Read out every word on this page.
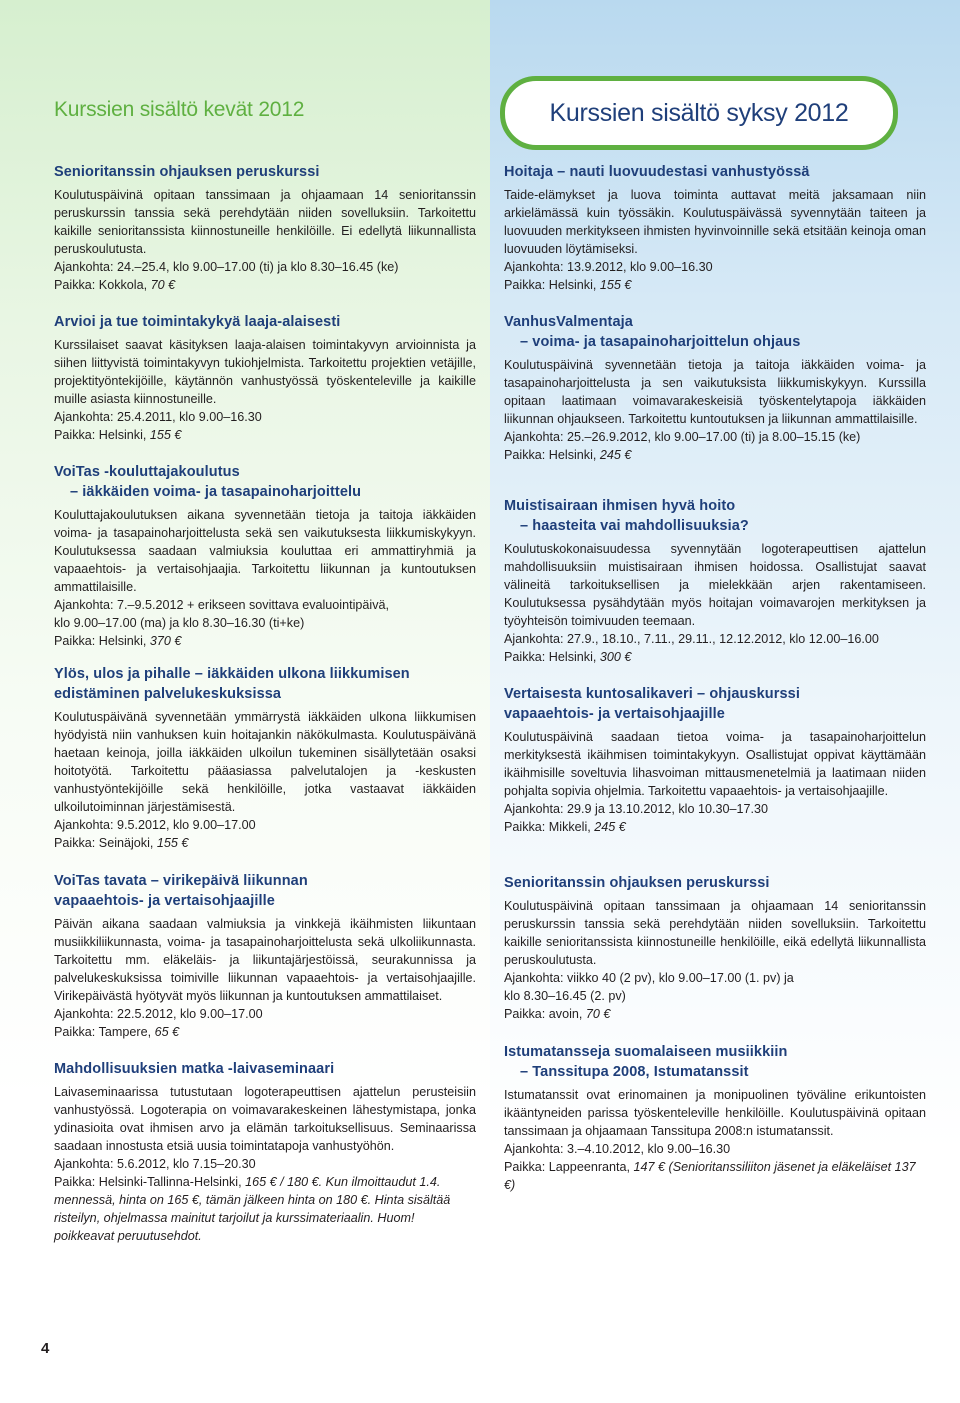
Kurssien sisältö kevät 2012	Kurssien sisältö syksy 2012
Senioritanssin ohjauksen peruskurssi

Koulutuspäivinä opitaan tanssimaan ja ohjaamaan 14 senioritanssin peruskurssin tanssia sekä perehdytään niiden sovelluksiin. Tarkoitettu kaikille senioritanssista kiinnostuneille henkilöille. Ei edellytä liikunnallista peruskoulutusta.

Ajankohta: 24.–25.4, klo 9.00–17.00 (ti) ja klo 8.30–16.45 (ke)

Paikka: Kokkola, 70 €

Arvioi ja tue toimintakykyä laaja-alaisesti

Kurssilaiset saavat käsityksen laaja-alaisen toimintakyvyn arvioinnista ja siihen liittyvistä toimintakyvyn tukiohjelmista. Tarkoitettu projektien vetäjille, projektityöntekijöille, käytännön vanhustyössä työskenteleville ja kaikille muille asiasta kiinnostuneille.

Ajankohta: 25.4.2011, klo 9.00–16.30

Paikka: Helsinki, 155 €

VoiTas -kouluttajakoulutus
– iäkkäiden voima- ja tasapainoharjoittelu

Kouluttajakoulutuksen aikana syvennetään tietoja ja taitoja iäkkäiden voima- ja tasapainoharjoittelusta sekä sen vaikutuksesta liikkumiskykyyn. Koulutuksessa saadaan valmiuksia kouluttaa eri ammattiryhmiä ja vapaaehtois- ja vertaisohjaajia. Tarkoitettu liikunnan ja kuntoutuksen ammattilaisille.

Ajankohta: 7.–9.5.2012 + erikseen sovittava evaluointipäivä,

klo 9.00–17.00 (ma) ja klo 8.30–16.30 (ti+ke)

Paikka: Helsinki, 370 €

Ylös, ulos ja pihalle – iäkkäiden ulkona liikkumisen
edistäminen palvelukeskuksissa

Koulutuspäivänä syvennetään ymmärrystä iäkkäiden ulkona liikkumisen hyödyistä niin vanhuksen kuin hoitajankin näkökulmasta. Koulutuspäivänä haetaan keinoja, joilla iäkkäiden ulkoilun tukeminen sisällytetään osaksi hoitotyötä. Tarkoitettu pääasiassa palvelutalojen ja -keskusten vanhustyöntekijöille sekä henkilöille, jotka vastaavat iäkkäiden ulkoilutoiminnan järjestämisestä.

Ajankohta: 9.5.2012, klo 9.00–17.00

Paikka: Seinäjoki, 155 €

VoiTas tavata – virikepäivä liikunnan
vapaaehtois- ja vertaisohjaajille

Päivän aikana saadaan valmiuksia ja vinkkejä ikäihmisten liikuntaan musiikkiliikunnasta, voima- ja tasapainoharjoittelusta sekä ulkoliikunnasta. Tarkoitettu mm. eläkeläis- ja liikuntajärjestöissä, seurakunnissa ja palvelukeskuksissa toimiville liikunnan vapaaehtois- ja vertaisohjaajille. Virikepäivästä hyötyvät myös liikunnan ja kuntoutuksen ammattilaiset.

Ajankohta: 22.5.2012, klo 9.00–17.00

Paikka: Tampere, 65 €

Mahdollisuuksien matka -laivaseminaari

Laivaseminaarissa tutustutaan logoterapeuttisen ajattelun perusteisiin vanhustyössä. Logoterapia on voimavarakeskeinen lähestymistapa, jonka ydinasioita ovat ihmisen arvo ja elämän tarkoituksellisuus. Seminaarissa saadaan innostusta etsiä uusia toimintatapoja vanhustyöhön.

Ajankohta: 5.6.2012, klo 7.15–20.30

Paikka: Helsinki-Tallinna-Helsinki, 165 € / 180 €. Kun ilmoittaudut 1.4. mennessä, hinta on 165 €, tämän jälkeen hinta on 180 €. Hinta sisältää risteilyn, ohjelmassa mainitut tarjoilut ja kurssimateriaalin. Huom! poikkeavat peruutusehdot.

Hoitaja – nauti luovuudestasi vanhustyössä

Taide-elämykset ja luova toiminta auttavat meitä jaksamaan niin arkielämässä kuin työssäkin. Koulutuspäivässä syvennytään taiteen ja luovuuden merkitykseen ihmisten hyvinvoinnille sekä etsitään keinoja oman luovuuden löytämiseksi.

Ajankohta: 13.9.2012, klo 9.00–16.30

Paikka: Helsinki, 155 €

VanhusValmentaja
– voima- ja tasapainoharjoittelun ohjaus

Koulutuspäivinä syvennetään tietoja ja taitoja iäkkäiden voima- ja tasapainoharjoittelusta ja sen vaikutuksista liikkumiskykyyn. Kurssilla opitaan laatimaan voimavarakeskeisiä työskentelytapoja iäkkäiden liikunnan ohjaukseen. Tarkoitettu kuntoutuksen ja liikunnan ammattilaisille.

Ajankohta: 25.–26.9.2012, klo 9.00–17.00 (ti) ja 8.00–15.15 (ke)

Paikka: Helsinki, 245 €

Muistisairaan ihmisen hyvä hoito
– haasteita vai mahdollisuuksia?

Koulutuskokonaisuudessa syvennytään logoterapeuttisen ajattelun mahdollisuuksiin muistisairaan ihmisen hoidossa. Osallistujat saavat välineitä tarkoituksellisen ja mielekkään arjen rakentamiseen. Koulutuksessa pysähdytään myös hoitajan voimavarojen merkityksen ja työyhteisön toimivuuden teemaan.

Ajankohta: 27.9., 18.10., 7.11., 29.11., 12.12.2012, klo 12.00–16.00

Paikka: Helsinki, 300 €

Vertaisesta kuntosalikaveri – ohjauskurssi
vapaaehtois- ja vertaisohjaajille

Koulutuspäivinä saadaan tietoa voima- ja tasapainoharjoittelun merkityksestä ikäihmisen toimintakykyyn. Osallistujat oppivat käyttämään ikäihmisille soveltuvia lihasvoiman mittausmenetelmiä ja laatimaan niiden pohjalta sopivia ohjelmia. Tarkoitettu vapaaehtois- ja vertaisohjaajille.

Ajankohta: 29.9 ja 13.10.2012, klo 10.30–17.30

Paikka: Mikkeli, 245 €

Senioritanssin ohjauksen peruskurssi

Koulutuspäivinä opitaan tanssimaan ja ohjaamaan 14 senioritanssin peruskurssin tanssia sekä perehdytään niiden sovelluksiin. Tarkoitettu kaikille senioritanssista kiinnostuneille henkilöille, eikä edellytä liikunnallista peruskoulutusta.

Ajankohta: viikko 40 (2 pv), klo 9.00–17.00 (1. pv) ja

klo 8.30–16.45 (2. pv)

Paikka: avoin, 70 €

Istumatansseja suomalaiseen musiikkiin
– Tanssitupa 2008, Istumatanssit

Istumatanssit ovat erinomainen ja monipuolinen työväline erikuntoisten ikääntyneiden parissa työskenteleville henkilöille. Koulutuspäivinä opitaan tanssimaan ja ohjaamaan Tanssitupa 2008:n istumatanssit.

Ajankohta: 3.–4.10.2012, klo 9.00–16.30

Paikka: Lappeenranta, 147 € (Senioritanssiliiton jäsenet ja eläkeläiset 137 €)

4
